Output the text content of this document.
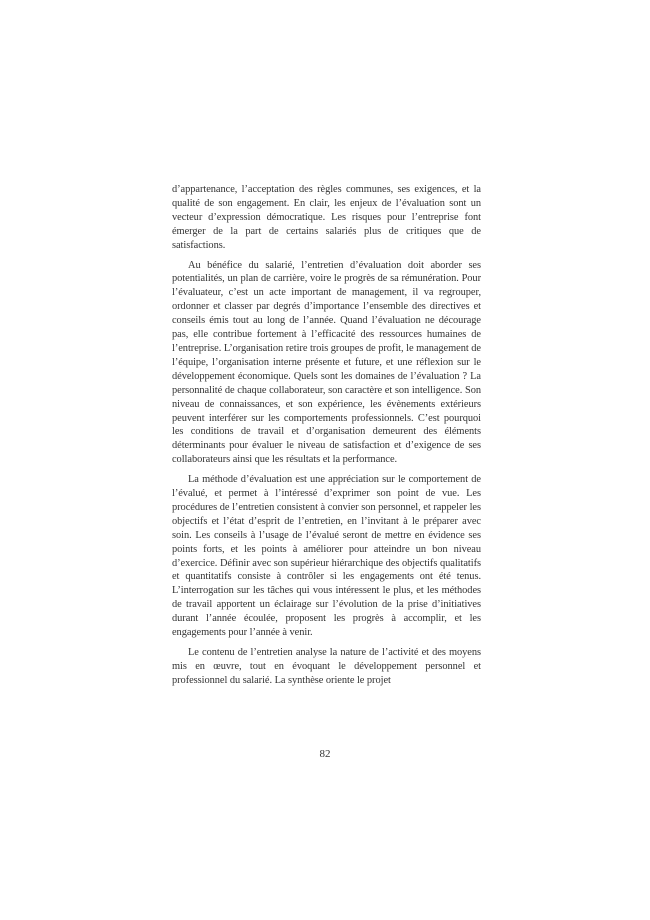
d’appartenance, l’acceptation des règles communes, ses exigences, et la qualité de son engagement. En clair, les enjeux de l’évaluation sont un vecteur d’expression démocratique. Les risques pour l’entreprise font émerger de la part de certains salariés plus de critiques que de satisfactions.

Au bénéfice du salarié, l’entretien d’évaluation doit aborder ses potentialités, un plan de carrière, voire le progrès de sa rémunération. Pour l’évaluateur, c’est un acte important de management, il va regrouper, ordonner et classer par degrés d’importance l’ensemble des directives et conseils émis tout au long de l’année. Quand l’évaluation ne décourage pas, elle contribue fortement à l’efficacité des ressources humaines de l’entreprise. L’organisation retire trois groupes de profit, le management de l’équipe, l’organisation interne présente et future, et une réflexion sur le développement économique. Quels sont les domaines de l’évaluation ? La personnalité de chaque collaborateur, son caractère et son intelligence. Son niveau de connaissances, et son expérience, les évènements extérieurs peuvent interférer sur les comportements professionnels. C’est pourquoi les conditions de travail et d’organisation demeurent des éléments déterminants pour évaluer le niveau de satisfaction et d’exigence de ses collaborateurs ainsi que les résultats et la performance.

La méthode d’évaluation est une appréciation sur le comportement de l’évalué, et permet à l’intéressé d’exprimer son point de vue. Les procédures de l’entretien consistent à convier son personnel, et rappeler les objectifs et l’état d’esprit de l’entretien, en l’invitant à le préparer avec soin. Les conseils à l’usage de l’évalué seront de mettre en évidence ses points forts, et les points à améliorer pour atteindre un bon niveau d’exercice. Définir avec son supérieur hiérarchique des objectifs qualitatifs et quantitatifs consiste à contrôler si les engagements ont été tenus. L’interrogation sur les tâches qui vous intéressent le plus, et les méthodes de travail apportent un éclairage sur l’évolution de la prise d’initiatives durant l’année écoulée, proposent les progrès à accomplir, et les engagements pour l’année à venir.

Le contenu de l’entretien analyse la nature de l’activité et des moyens mis en œuvre, tout en évoquant le développement personnel et professionnel du salarié. La synthèse oriente le projet

82
